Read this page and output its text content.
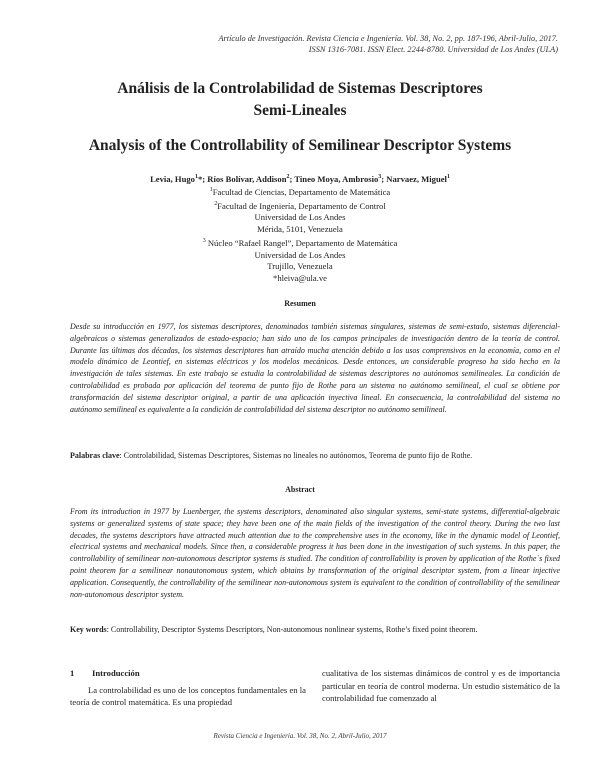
Artículo de Investigación. Revista Ciencia e Ingeniería. Vol. 38, No. 2, pp. 187-196, Abril-Julio, 2017.
ISSN 1316-7081. ISSN Elect. 2244-8780. Universidad de Los Andes (ULA)
Análisis de la Controlabilidad de Sistemas Descriptores
Semi-Lineales
Analysis of the Controllability of Semilinear Descriptor Systems
Levia, Hugo$^1$*; Ríos Bolívar, Addison$^2$; Tineo Moya, Ambrosio$^3$; Narvaez, Miguel$^1$
$^1$Facultad de Ciencias, Departamento de Matemática
$^2$Facultad de Ingeniería, Departamento de Control
Universidad de Los Andes
Mérida, 5101, Venezuela
$^3$ Núcleo “Rafael Rangel”, Departamento de Matemática
Universidad de Los Andes
Trujillo, Venezuela
*hleiva@ula.ve
Resumen
Desde su introducción en 1977, los sistemas descriptores, denominados también sistemas singulares, sistemas de semi-estado, sistemas diferencial-algebraicos o sistemas generalizados de estado-espacio; han sido uno de los campos principales de investigación dentro de la teoría de control. Durante las últimas dos décadas, los sistemas descriptores han atraído mucha atención debido a los usos comprensivos en la economía, como en el modelo dinámico de Leontief, en sistemas eléctricos y los modelos mecánicos. Desde entonces, un considerable progreso ha sido hecho en la investigación de tales sistemas. En este trabajo se estudia la controlabilidad de sistemas descriptores no autónomos semilineales. La condición de controlabilidad es probada por aplicación del teorema de punto fijo de Rothe para un sistema no autónomo semilineal, el cual se obtiene por transformación del sistema descriptor original, a partir de una aplicación inyectiva lineal. En consecuencia, la controlabilidad del sistema no autónomo semilineal es equivalente a la condición de controlabilidad del sistema descriptor no autónomo semilineal.
Palabras clave: Controlabilidad, Sistemas Descriptores, Sistemas no lineales no autónomos, Teorema de punto fijo de Rothe.
Abstract
From its introduction in 1977 by Luenberger, the systems descriptors, denominated also singular systems, semi-state systems, differential-algebraic systems or generalized systems of state space; they have been one of the main fields of the investigation of the control theory. During the two last decades, the systems descriptors have attracted much attention due to the comprehensive uses in the economy, like in the dynamic model of Leontief, electrical systems and mechanical models. Since then, a considerable progress it has been done in the investigation of such systems. In this paper, the controllability of semilinear non-autonomous descriptor systems is studied. The condition of controllability is proven by application of the Rothe`s fixed point theorem for a semilinear nonautonomous system, which obtains by transformation of the original descriptor system, from a linear injective application. Consequently, the controllability of the semilinear non-autonomous system is equivalent to the condition of controllability of the semilinear non-autonomous descriptor system.
Key words: Controllability, Descriptor Systems Descriptors, Non-autonomous nonlinear systems, Rothe’s fixed point theorem.
1 Introducción
La controlabilidad es uno de los conceptos fundamentales en la teoría de control matemática. Es una propiedad
cualitativa de los sistemas dinámicos de control y es de importancia particular en teoría de control moderna. Un estudio sistemático de la controlabilidad fue comenzado al
Revista Ciencia e Ingeniería. Vol. 38, No. 2, Abril-Julio, 2017
